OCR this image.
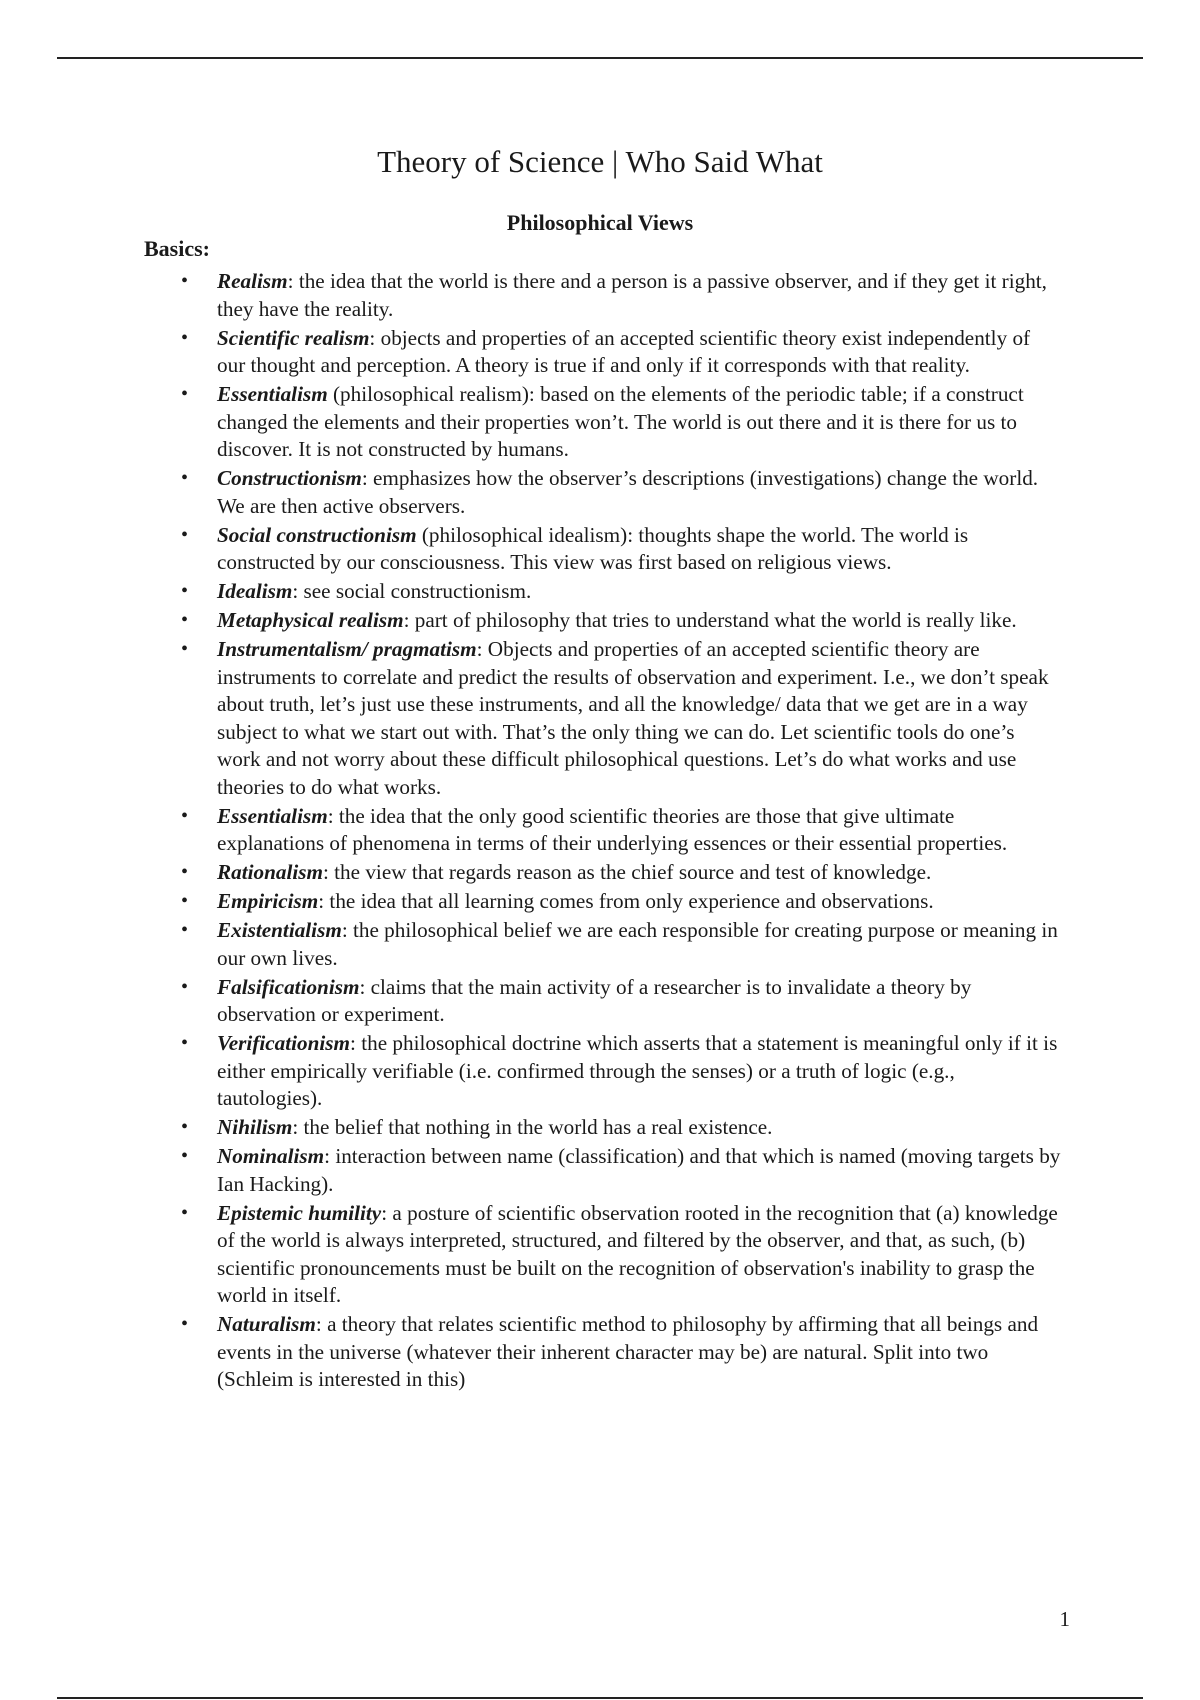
Theory of Science | Who Said What
Philosophical Views
Basics:
• Realism: the idea that the world is there and a person is a passive observer, and if they get it right, they have the reality.
• Scientific realism: objects and properties of an accepted scientific theory exist independently of our thought and perception. A theory is true if and only if it corresponds with that reality.
• Essentialism (philosophical realism): based on the elements of the periodic table; if a construct changed the elements and their properties won’t. The world is out there and it is there for us to discover. It is not constructed by humans.
• Constructionism: emphasizes how the observer’s descriptions (investigations) change the world. We are then active observers.
• Social constructionism (philosophical idealism): thoughts shape the world. The world is constructed by our consciousness. This view was first based on religious views.
• Idealism: see social constructionism.
• Metaphysical realism: part of philosophy that tries to understand what the world is really like.
• Instrumentalism/ pragmatism: Objects and properties of an accepted scientific theory are instruments to correlate and predict the results of observation and experiment. I.e., we don’t speak about truth, let’s just use these instruments, and all the knowledge/ data that we get are in a way subject to what we start out with. That’s the only thing we can do. Let scientific tools do one’s work and not worry about these difficult philosophical questions. Let’s do what works and use theories to do what works.
• Essentialism: the idea that the only good scientific theories are those that give ultimate explanations of phenomena in terms of their underlying essences or their essential properties.
• Rationalism: the view that regards reason as the chief source and test of knowledge.
• Empiricism: the idea that all learning comes from only experience and observations.
• Existentialism: the philosophical belief we are each responsible for creating purpose or meaning in our own lives.
• Falsificationism: claims that the main activity of a researcher is to invalidate a theory by observation or experiment.
• Verificationism: the philosophical doctrine which asserts that a statement is meaningful only if it is either empirically verifiable (i.e. confirmed through the senses) or a truth of logic (e.g., tautologies).
• Nihilism: the belief that nothing in the world has a real existence.
• Nominalism: interaction between name (classification) and that which is named (moving targets by Ian Hacking).
• Epistemic humility: a posture of scientific observation rooted in the recognition that (a) knowledge of the world is always interpreted, structured, and filtered by the observer, and that, as such, (b) scientific pronouncements must be built on the recognition of observation's inability to grasp the world in itself.
• Naturalism: a theory that relates scientific method to philosophy by affirming that all beings and events in the universe (whatever their inherent character may be) are natural. Split into two (Schleim is interested in this)
1
